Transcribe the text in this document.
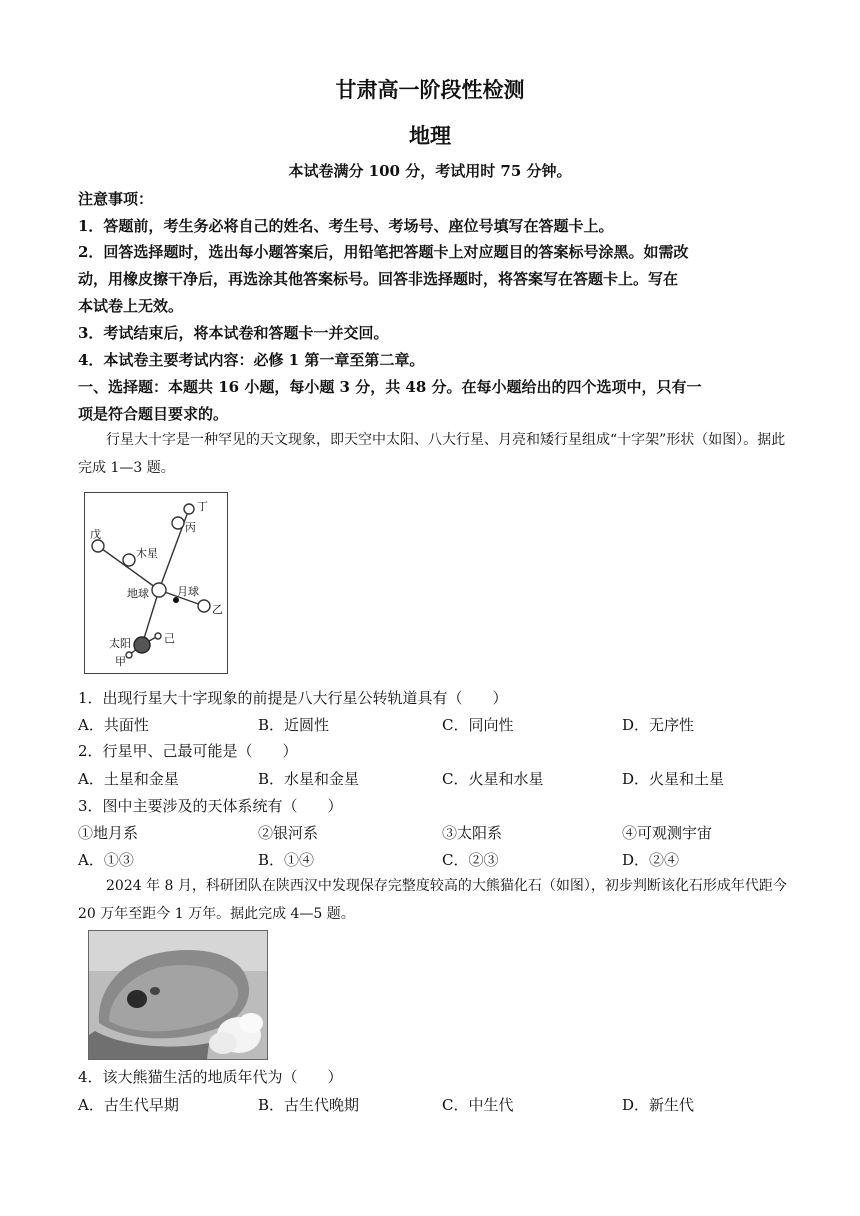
甘肃高一阶段性检测
地理
本试卷满分 100 分，考试用时 75 分钟。
注意事项：
1．答题前，考生务必将自己的姓名、考生号、考场号、座位号填写在答题卡上。
2．回答选择题时，选出每小题答案后，用铅笔把答题卡上对应题目的答案标号涂黑。如需改
动，用橡皮擦干净后，再选涂其他答案标号。回答非选择题时，将答案写在答题卡上。写在
本试卷上无效。
3．考试结束后，将本试卷和答题卡一并交回。
4．本试卷主要考试内容：必修 1 第一章至第二章。
一、选择题：本题共 16 小题，每小题 3 分，共 48 分。在每小题给出的四个选项中，只有一
项是符合题目要求的。
行星大十字是一种罕见的天文现象，即天空中太阳、八大行星、月亮和矮行星组成“十字架”形状（如图）。据此完成 1—3 题。
丁
丙
戊
木星
地球	月球
乙
太阳	己
甲
1．出现行星大十字现象的前提是八大行星公转轨道具有（　　）
A．共面性	B．近圆性	C．同向性	D．无序性
2．行星甲、己最可能是（　　）
A．土星和金星	B．水星和金星	C．火星和水星	D．火星和土星
3．图中主要涉及的天体系统有（　　）
①地月系	②银河系	③太阳系	④可观测宇宙
A．①③	B．①④	C．②③	D．②④
2024 年 8 月，科研团队在陕西汉中发现保存完整度较高的大熊猫化石（如图），初步判断该化石形成年代距今 20 万年至距今 1 万年。据此完成 4—5 题。
4．该大熊猫生活的地质年代为（　　）
A．古生代早期	B．古生代晚期	C．中生代	D．新生代
